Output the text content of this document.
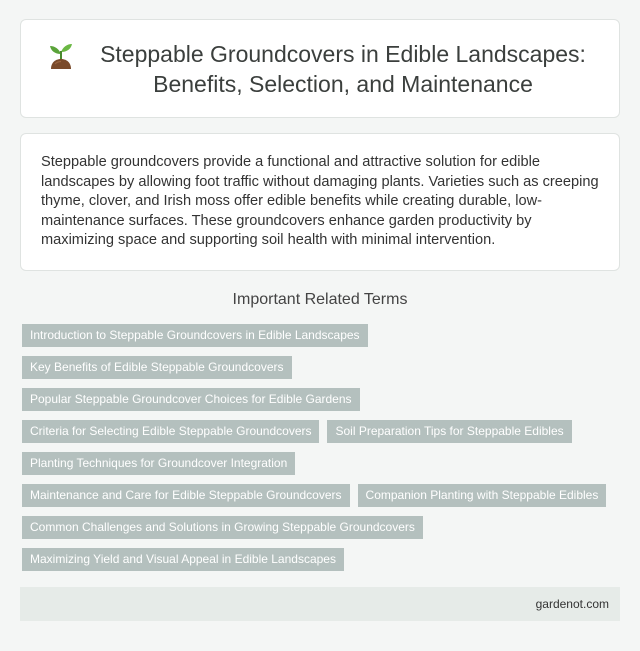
Steppable Groundcovers in Edible Landscapes: Benefits, Selection, and Maintenance

Steppable groundcovers provide a functional and attractive solution for edible landscapes by allowing foot traffic without damaging plants. Varieties such as creeping thyme, clover, and Irish moss offer edible benefits while creating durable, low-maintenance surfaces. These groundcovers enhance garden productivity by maximizing space and supporting soil health with minimal intervention.

Important Related Terms
Introduction to Steppable Groundcovers in Edible Landscapes
Key Benefits of Edible Steppable Groundcovers
Popular Steppable Groundcover Choices for Edible Gardens
Criteria for Selecting Edible Steppable Groundcovers	Soil Preparation Tips for Steppable Edibles
Planting Techniques for Groundcover Integration
Maintenance and Care for Edible Steppable Groundcovers	Companion Planting with Steppable Edibles
Common Challenges and Solutions in Growing Steppable Groundcovers
Maximizing Yield and Visual Appeal in Edible Landscapes
gardenot.com
